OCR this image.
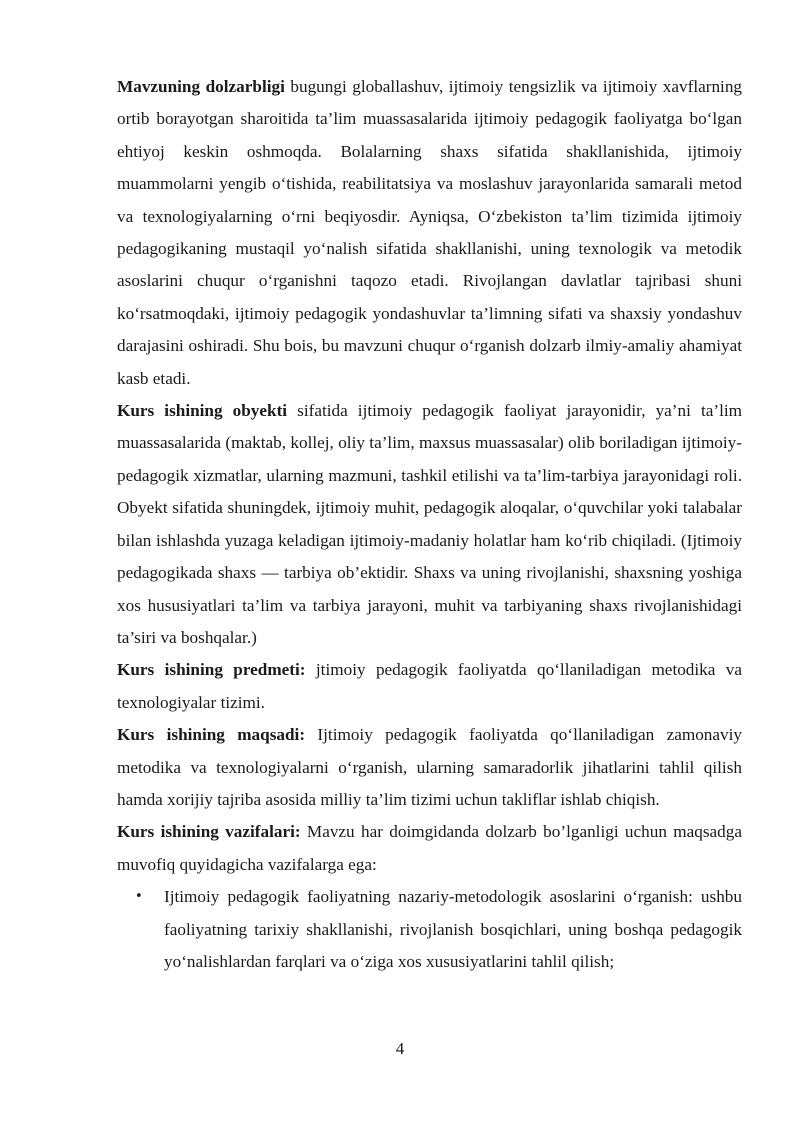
Mavzuning dolzarbligi bugungi globallashuv, ijtimoiy tengsizlik va ijtimoiy xavflarning ortib borayotgan sharoitida ta’lim muassasalarida ijtimoiy pedagogik faoliyatga bo‘lgan ehtiyoj keskin oshmoqda. Bolalarning shaxs sifatida shakllanishida, ijtimoiy muammolarni yengib o‘tishida, reabilitatsiya va moslashuv jarayonlarida samarali metod va texnologiyalarning o‘rni beqiyosdir. Ayniqsa, O‘zbekiston ta’lim tizimida ijtimoiy pedagogikaning mustaqil yo‘nalish sifatida shakllanishi, uning texnologik va metodik asoslarini chuqur o‘rganishni taqozo etadi. Rivojlangan davlatlar tajribasi shuni ko‘rsatmoqdaki, ijtimoiy pedagogik yondashuvlar ta’limning sifati va shaxsiy yondashuv darajasini oshiradi. Shu bois, bu mavzuni chuqur o‘rganish dolzarb ilmiy-amaliy ahamiyat kasb etadi.

Kurs ishining obyekti sifatida ijtimoiy pedagogik faoliyat jarayonidir, ya’ni ta’lim muassasalarida (maktab, kollej, oliy ta’lim, maxsus muassasalar) olib boriladigan ijtimoiy-pedagogik xizmatlar, ularning mazmuni, tashkil etilishi va ta’lim-tarbiya jarayonidagi roli. Obyekt sifatida shuningdek, ijtimoiy muhit, pedagogik aloqalar, o‘quvchilar yoki talabalar bilan ishlashda yuzaga keladigan ijtimoiy-madaniy holatlar ham ko‘rib chiqiladi. (Ijtimoiy pedagogikada shaxs — tarbiya ob’ektidir. Shaxs va uning rivojlanishi, shaxsning yoshiga xos hususiyatlari ta’lim va tarbiya jarayoni, muhit va tarbiyaning shaxs rivojlanishidagi ta’siri va boshqalar.)

Kurs ishining predmeti: jtimoiy pedagogik faoliyatda qo‘llaniladigan metodika va texnologiyalar tizimi.

Kurs ishining maqsadi: Ijtimoiy pedagogik faoliyatda qo‘llaniladigan zamonaviy metodika va texnologiyalarni o‘rganish, ularning samaradorlik jihatlarini tahlil qilish hamda xorijiy tajriba asosida milliy ta’lim tizimi uchun takliflar ishlab chiqish.

Kurs ishining vazifalari: Mavzu har doimgidanda dolzarb bo’lganligi uchun maqsadga muvofiq quyidagicha vazifalarga ega:

• Ijtimoiy pedagogik faoliyatning nazariy-metodologik asoslarini o‘rganish: ushbu faoliyatning tarixiy shakllanishi, rivojlanish bosqichlari, uning boshqa pedagogik yo‘nalishlardan farqlari va o‘ziga xos xususiyatlarini tahlil qilish;
4
